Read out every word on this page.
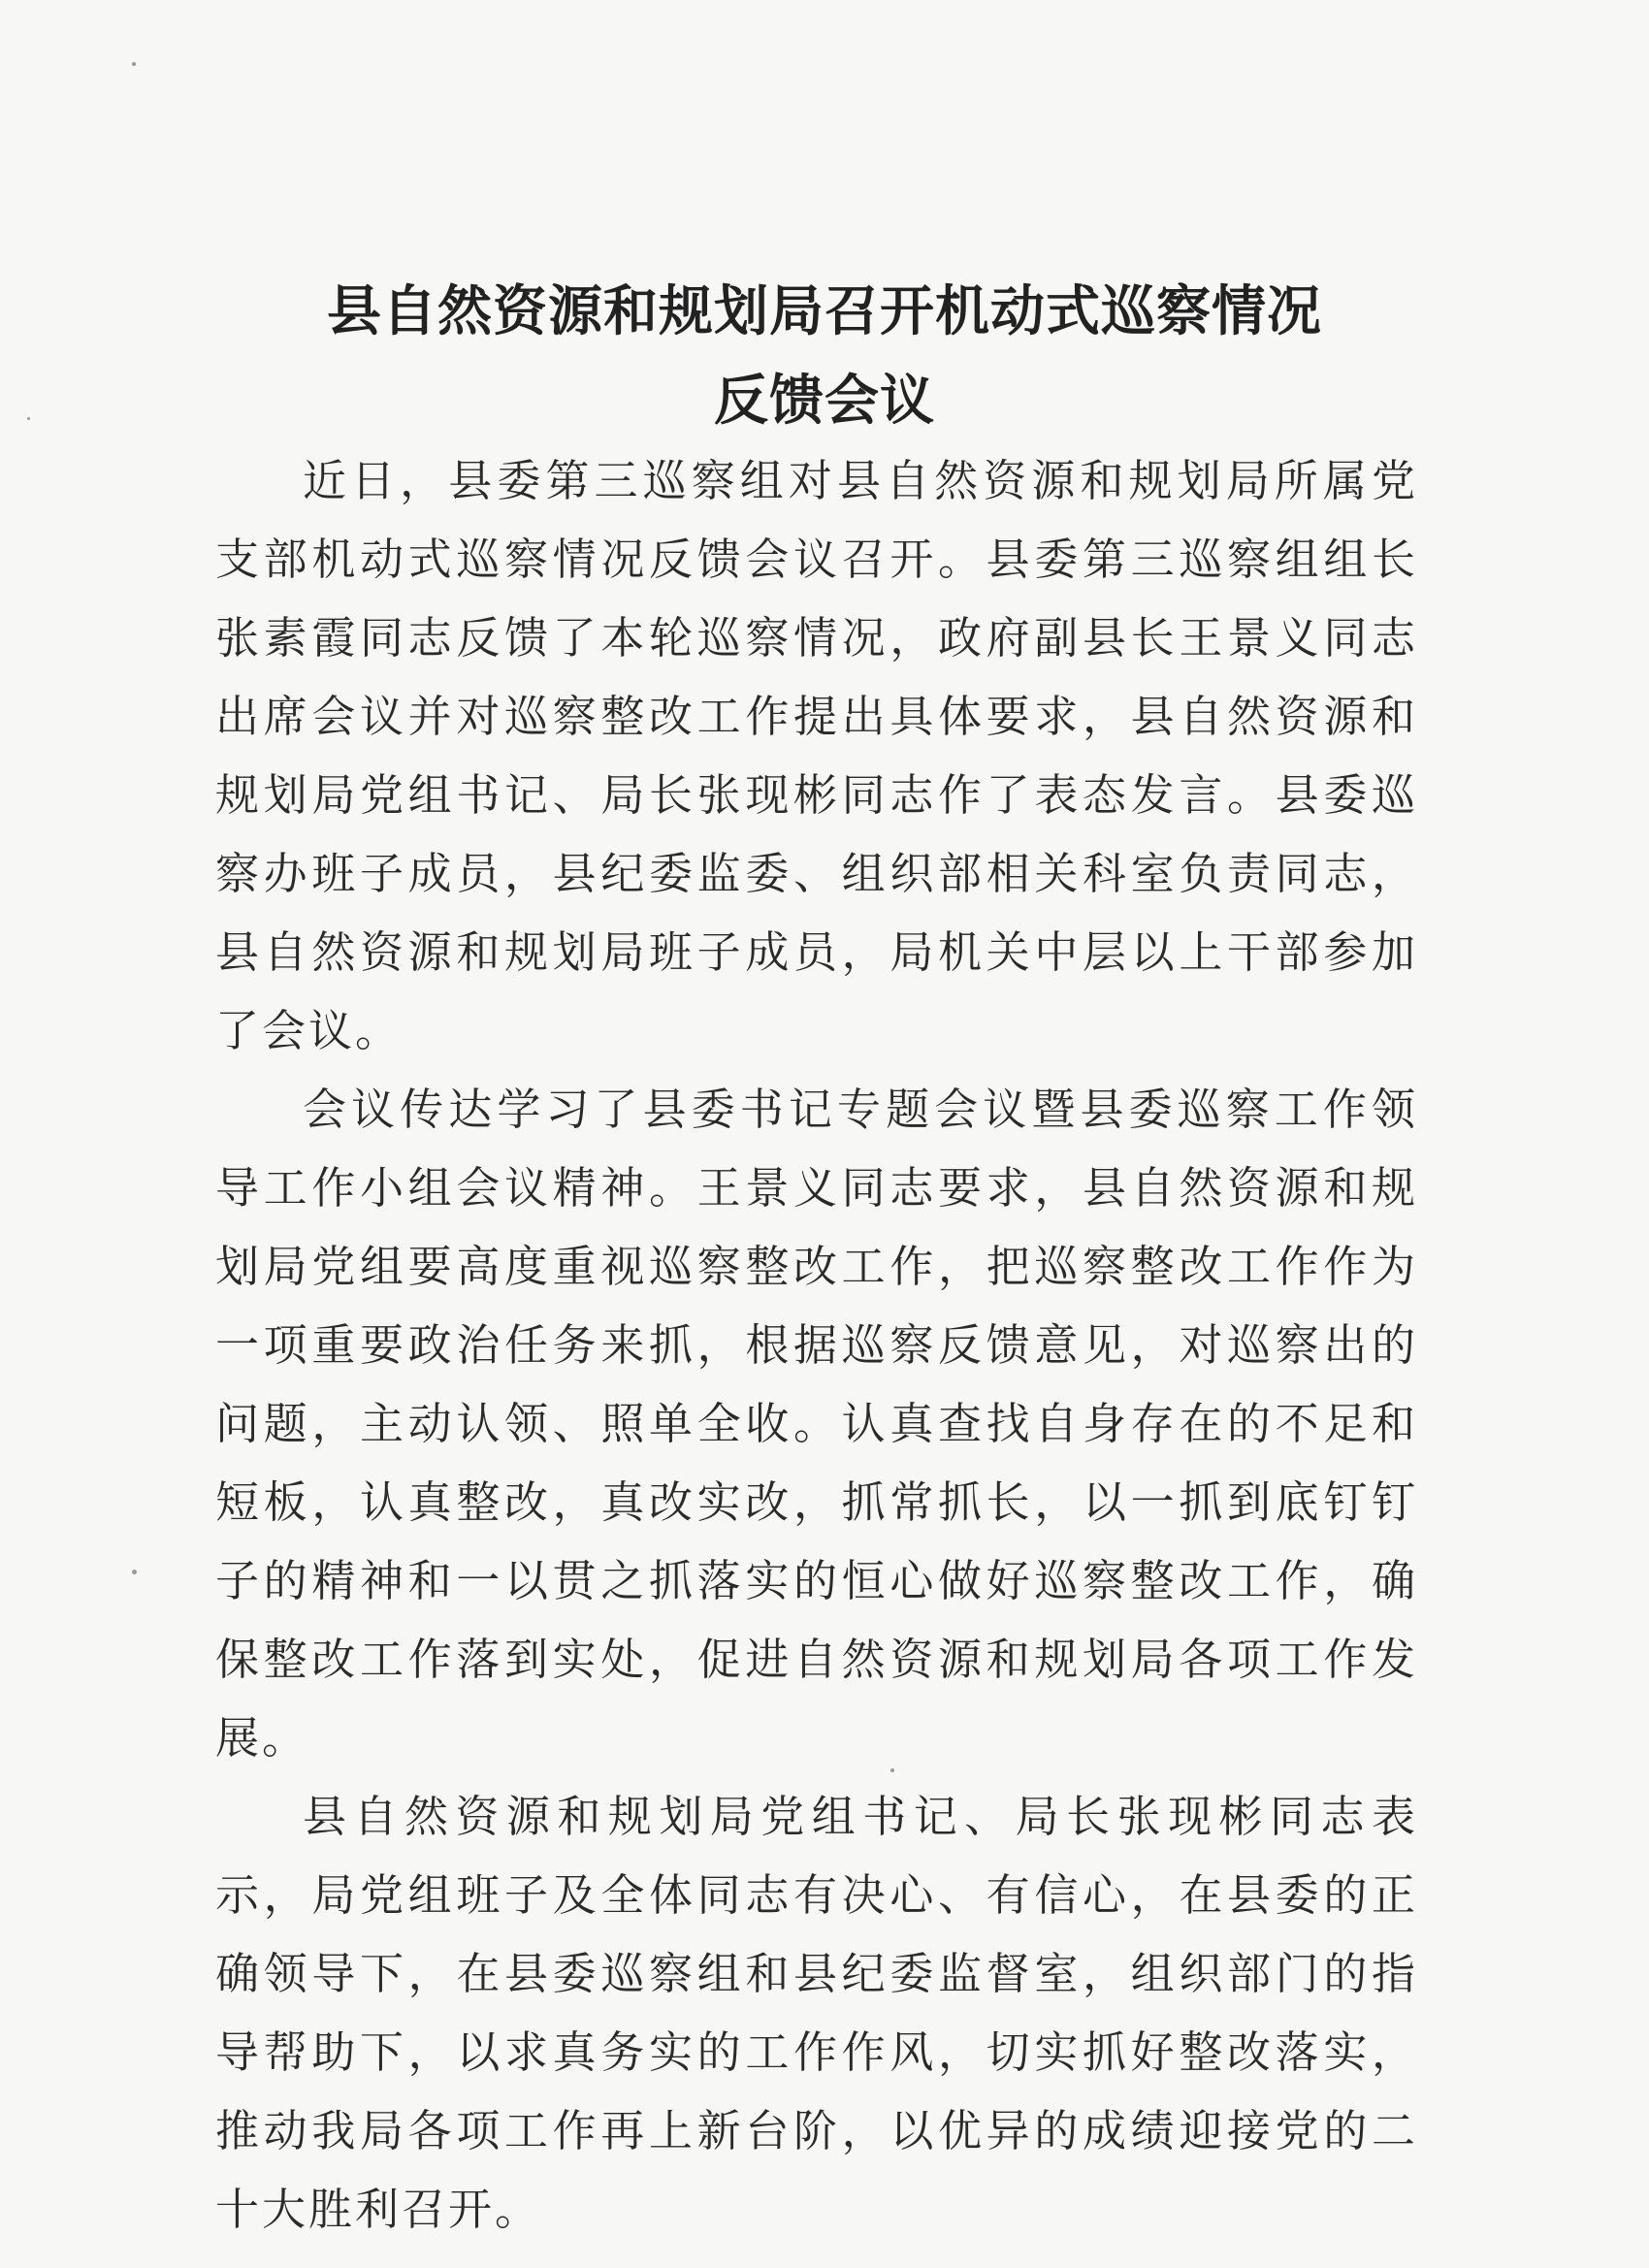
县自然资源和规划局召开机动式巡察情况
反馈会议

近日，县委第三巡察组对县自然资源和规划局所属党支部机动式巡察情况反馈会议召开。县委第三巡察组组长张素霞同志反馈了本轮巡察情况，政府副县长王景义同志出席会议并对巡察整改工作提出具体要求，县自然资源和规划局党组书记、局长张现彬同志作了表态发言。县委巡察办班子成员，县纪委监委、组织部相关科室负责同志，县自然资源和规划局班子成员，局机关中层以上干部参加了会议。

会议传达学习了县委书记专题会议暨县委巡察工作领导工作小组会议精神。王景义同志要求，县自然资源和规划局党组要高度重视巡察整改工作，把巡察整改工作作为一项重要政治任务来抓，根据巡察反馈意见，对巡察出的问题，主动认领、照单全收。认真查找自身存在的不足和短板，认真整改，真改实改，抓常抓长，以一抓到底钉钉子的精神和一以贯之抓落实的恒心做好巡察整改工作，确保整改工作落到实处，促进自然资源和规划局各项工作发展。

县自然资源和规划局党组书记、局长张现彬同志表示，局党组班子及全体同志有决心、有信心，在县委的正确领导下，在县委巡察组和县纪委监督室，组织部门的指导帮助下，以求真务实的工作作风，切实抓好整改落实，推动我局各项工作再上新台阶，以优异的成绩迎接党的二十大胜利召开。
